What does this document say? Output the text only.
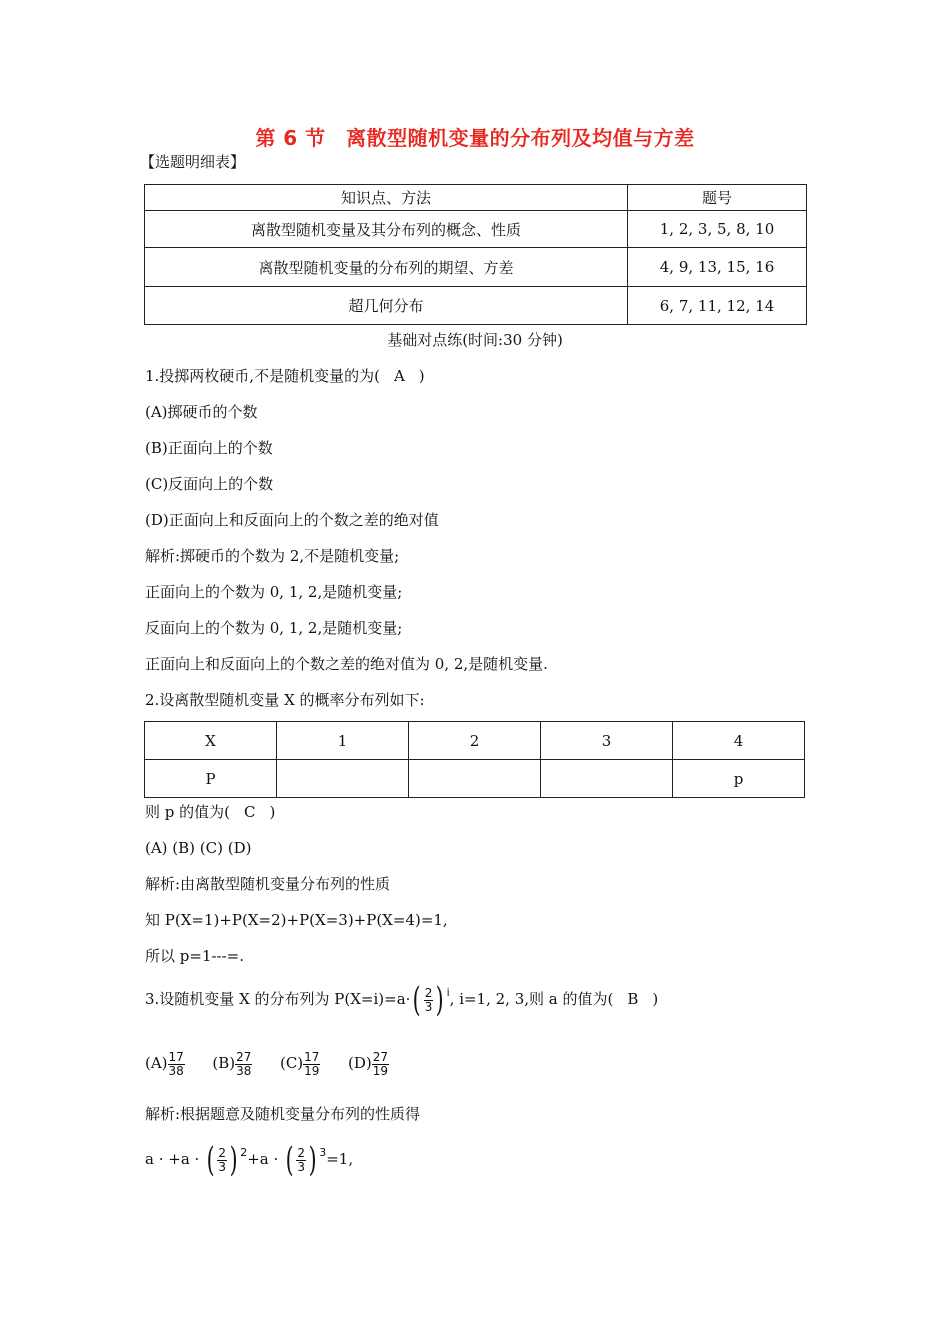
第 6 节　离散型随机变量的分布列及均值与方差
【选题明细表】
知识点、方法	题号
离散型随机变量及其分布列的概念、性质	1, 2, 3, 5, 8, 10
离散型随机变量的分布列的期望、方差	4, 9, 13, 15, 16
超几何分布	6, 7, 11, 12, 14
基础对点练(时间:30 分钟)
1.投掷两枚硬币,不是随机变量的为( A )
(A)掷硬币的个数
(B)正面向上的个数
(C)反面向上的个数
(D)正面向上和反面向上的个数之差的绝对值
解析:掷硬币的个数为 2,不是随机变量;
正面向上的个数为 0, 1, 2,是随机变量;
反面向上的个数为 0, 1, 2,是随机变量;
正面向上和反面向上的个数之差的绝对值为 0, 2,是随机变量.
2.设离散型随机变量 X 的概率分布列如下:
X	1	2	3	4
P				p
则 p 的值为( C )
(A) (B) (C) (D)
解析:由离散型随机变量分布列的性质
知 P(X=1)+P(X=2)+P(X=3)+P(X=4)=1,
所以 p=1---=.
3.设随机变量 X 的分布列为 $P(X=i)=a\cdot( \frac{2}{3}$ ) $^i$, i=1, 2, 3,则 a 的值为( B )
$(A) \frac{17}{38} (B) \frac{27}{38} (C) \frac{17}{19} (D) \frac{27}{19}$
解析:根据题意及随机变量分布列的性质得
a · +a · ( $\frac{2}{3}$ ) $^2$+a · ( $\frac{2}{3}$ ) $^3$=1,
